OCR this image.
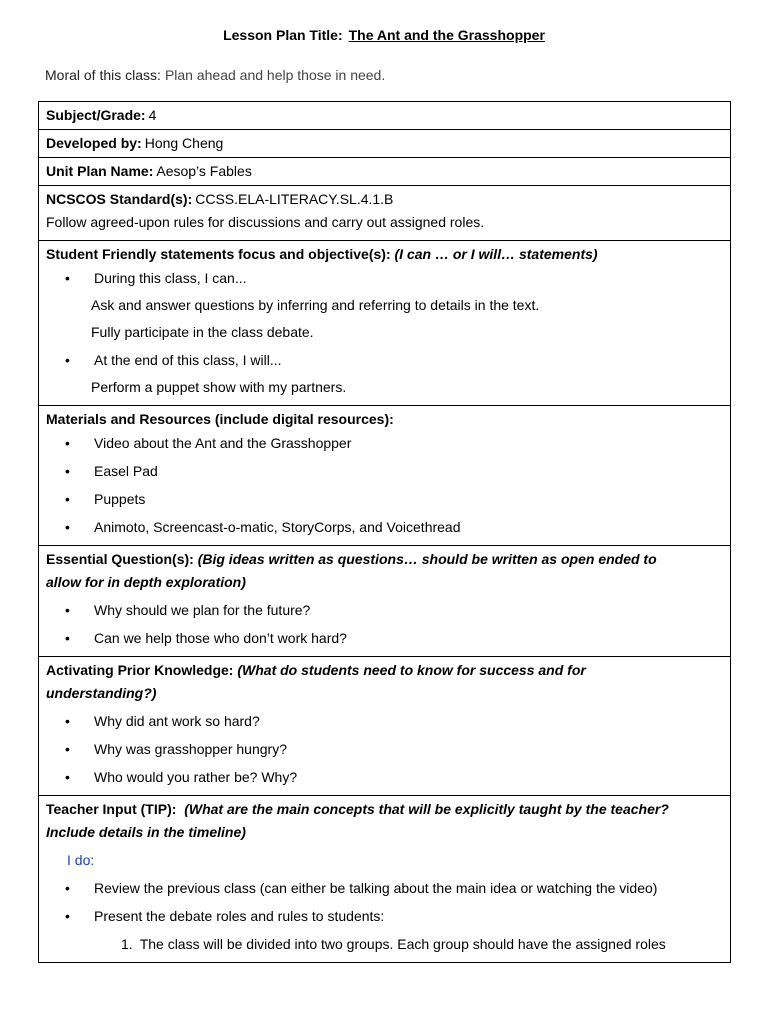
Lesson Plan Title: The Ant and the Grasshopper
Moral of this class: Plan ahead and help those in need.
Subject/Grade: 4
Developed by: Hong Cheng
Unit Plan Name: Aesop’s Fables
NCSCOS Standard(s): CCSS.ELA-LITERACY.SL.4.1.B
Follow agreed-upon rules for discussions and carry out assigned roles.
Student Friendly statements focus and objective(s): (I can … or I will… statements)
• During this class, I can...
Ask and answer questions by inferring and referring to details in the text.
Fully participate in the class debate.
• At the end of this class, I will...
Perform a puppet show with my partners.
Materials and Resources (include digital resources):
• Video about the Ant and the Grasshopper
• Easel Pad
• Puppets
• Animoto, Screencast-o-matic, StoryCorps, and Voicethread
Essential Question(s): (Big ideas written as questions… should be written as open ended to
allow for in depth exploration)
• Why should we plan for the future?
• Can we help those who don’t work hard?
Activating Prior Knowledge: (What do students need to know for success and for
understanding?)
• Why did ant work so hard?
• Why was grasshopper hungry?
• Who would you rather be? Why?
Teacher Input (TIP): (What are the main concepts that will be explicitly taught by the teacher?
Include details in the timeline)
I do:
• Review the previous class (can either be talking about the main idea or watching the video)
• Present the debate roles and rules to students:
1. The class will be divided into two groups. Each group should have the assigned roles
